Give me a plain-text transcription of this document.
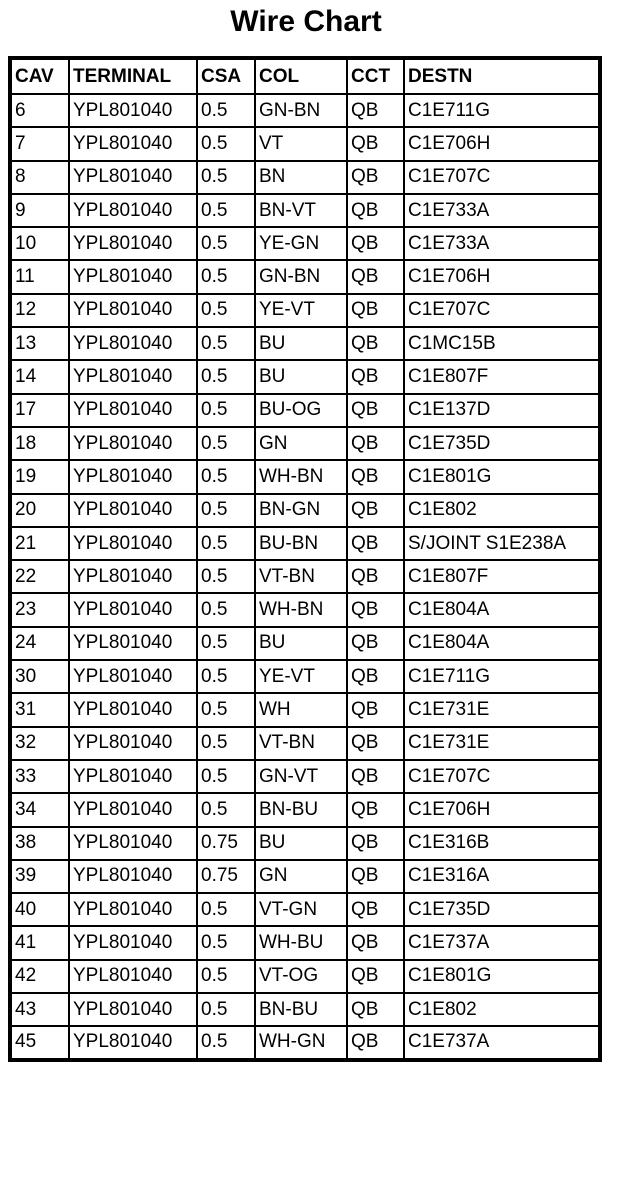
Wire Chart
CAV	TERMINAL	CSA	COL	CCT	DESTN
6	YPL801040	0.5	GN-BN	QB	C1E711G
7	YPL801040	0.5	VT	QB	C1E706H
8	YPL801040	0.5	BN	QB	C1E707C
9	YPL801040	0.5	BN-VT	QB	C1E733A
10	YPL801040	0.5	YE-GN	QB	C1E733A
11	YPL801040	0.5	GN-BN	QB	C1E706H
12	YPL801040	0.5	YE-VT	QB	C1E707C
13	YPL801040	0.5	BU	QB	C1MC15B
14	YPL801040	0.5	BU	QB	C1E807F
17	YPL801040	0.5	BU-OG	QB	C1E137D
18	YPL801040	0.5	GN	QB	C1E735D
19	YPL801040	0.5	WH-BN	QB	C1E801G
20	YPL801040	0.5	BN-GN	QB	C1E802
21	YPL801040	0.5	BU-BN	QB	S/JOINT S1E238A
22	YPL801040	0.5	VT-BN	QB	C1E807F
23	YPL801040	0.5	WH-BN	QB	C1E804A
24	YPL801040	0.5	BU	QB	C1E804A
30	YPL801040	0.5	YE-VT	QB	C1E711G
31	YPL801040	0.5	WH	QB	C1E731E
32	YPL801040	0.5	VT-BN	QB	C1E731E
33	YPL801040	0.5	GN-VT	QB	C1E707C
34	YPL801040	0.5	BN-BU	QB	C1E706H
38	YPL801040	0.75	BU	QB	C1E316B
39	YPL801040	0.75	GN	QB	C1E316A
40	YPL801040	0.5	VT-GN	QB	C1E735D
41	YPL801040	0.5	WH-BU	QB	C1E737A
42	YPL801040	0.5	VT-OG	QB	C1E801G
43	YPL801040	0.5	BN-BU	QB	C1E802
45	YPL801040	0.5	WH-GN	QB	C1E737A
